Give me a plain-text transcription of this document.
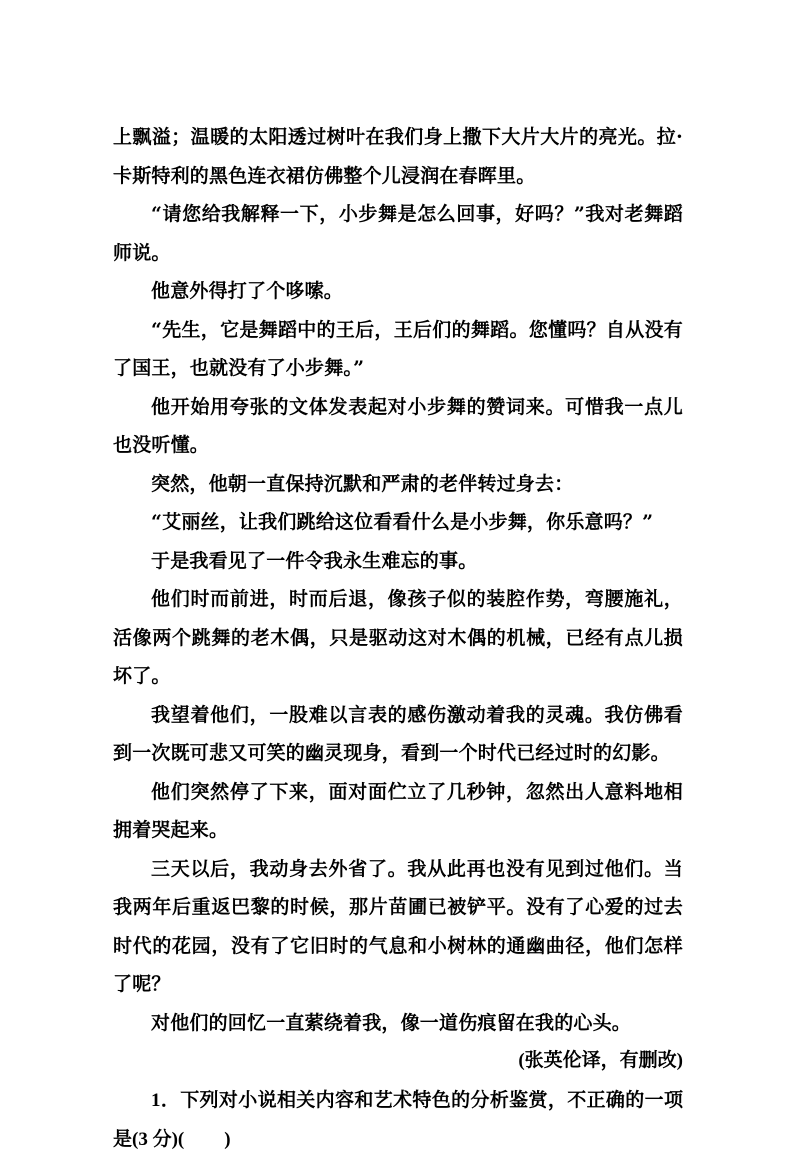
上飘溢；温暖的太阳透过树叶在我们身上撒下大片大片的亮光。拉·卡斯特利的黑色连衣裙仿佛整个儿浸润在春晖里。

“请您给我解释一下，小步舞是怎么回事，好吗？”我对老舞蹈师说。

他意外得打了个哆嗦。

“先生，它是舞蹈中的王后，王后们的舞蹈。您懂吗？自从没有了国王，也就没有了小步舞。”

他开始用夸张的文体发表起对小步舞的赞词来。可惜我一点儿也没听懂。

突然，他朝一直保持沉默和严肃的老伴转过身去：

“艾丽丝，让我们跳给这位看看什么是小步舞，你乐意吗？”

于是我看见了一件令我永生难忘的事。

他们时而前进，时而后退，像孩子似的装腔作势，弯腰施礼，活像两个跳舞的老木偶，只是驱动这对木偶的机械，已经有点儿损坏了。

我望着他们，一股难以言表的感伤激动着我的灵魂。我仿佛看到一次既可悲又可笑的幽灵现身，看到一个时代已经过时的幻影。

他们突然停了下来，面对面伫立了几秒钟，忽然出人意料地相拥着哭起来。

三天以后，我动身去外省了。我从此再也没有见到过他们。当我两年后重返巴黎的时候，那片苗圃已被铲平。没有了心爱的过去时代的花园，没有了它旧时的气息和小树林的通幽曲径，他们怎样了呢？

对他们的回忆一直萦绕着我，像一道伤痕留在我的心头。

(张英伦译，有删改)

1．下列对小说相关内容和艺术特色的分析鉴赏，不正确的一项是(3 分)( )
